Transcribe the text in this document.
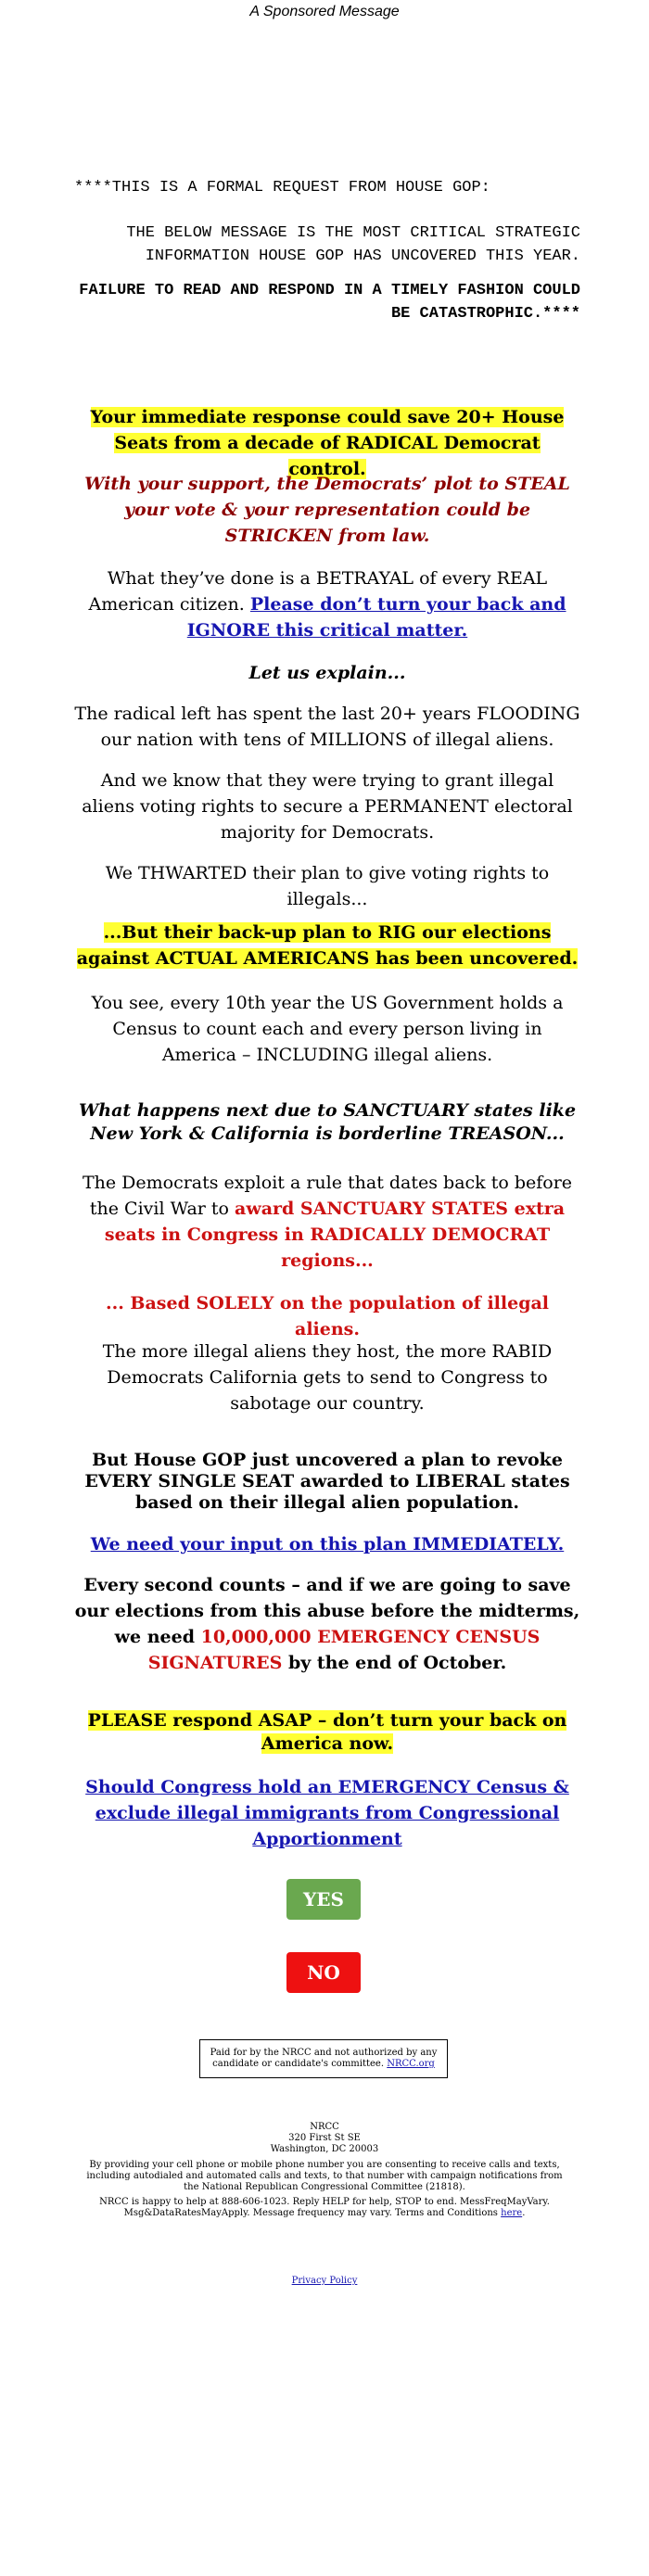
A Sponsored Message

****THIS IS A FORMAL REQUEST FROM HOUSE GOP:

THE BELOW MESSAGE IS THE MOST CRITICAL STRATEGIC INFORMATION HOUSE GOP HAS UNCOVERED THIS YEAR.

FAILURE TO READ AND RESPOND IN A TIMELY FASHION COULD BE CATASTROPHIC.****

Your immediate response could save 20+ House Seats from a decade of RADICAL Democrat control.

With your support, the Democrats’ plot to STEAL your vote & your representation could be STRICKEN from law.

What they’ve done is a BETRAYAL of every REAL American citizen. Please don’t turn your back and IGNORE this critical matter.

Let us explain...

The radical left has spent the last 20+ years FLOODING our nation with tens of MILLIONS of illegal aliens.

And we know that they were trying to grant illegal aliens voting rights to secure a PERMANENT electoral majority for Democrats.

We THWARTED their plan to give voting rights to illegals...

...But their back-up plan to RIG our elections against ACTUAL AMERICANS has been uncovered.

You see, every 10th year the US Government holds a Census to count each and every person living in America – INCLUDING illegal aliens.

What happens next due to SANCTUARY states like New York & California is borderline TREASON...

The Democrats exploit a rule that dates back to before the Civil War to award SANCTUARY STATES extra seats in Congress in RADICALLY DEMOCRAT regions...

... Based SOLELY on the population of illegal aliens.

The more illegal aliens they host, the more RABID Democrats California gets to send to Congress to sabotage our country.

But House GOP just uncovered a plan to revoke EVERY SINGLE SEAT awarded to LIBERAL states based on their illegal alien population.

We need your input on this plan IMMEDIATELY.

Every second counts – and if we are going to save our elections from this abuse before the midterms, we need 10,000,000 EMERGENCY CENSUS SIGNATURES by the end of October.

PLEASE respond ASAP – don’t turn your back on America now.

Should Congress hold an EMERGENCY Census & exclude illegal immigrants from Congressional Apportionment

YES
NO
Paid for by the NRCC and not authorized by any candidate or candidate's committee. NRCC.org
NRCC
320 First St SE
Washington, DC 20003
By providing your cell phone or mobile phone number you are consenting to receive calls and texts, including autodialed and automated calls and texts, to that number with campaign notifications from the National Republican Congressional Committee (21818).
NRCC is happy to help at 888-606-1023. Reply HELP for help, STOP to end. MessFreqMayVary. Msg&DataRatesMayApply. Message frequency may vary. Terms and Conditions here.
Privacy Policy
